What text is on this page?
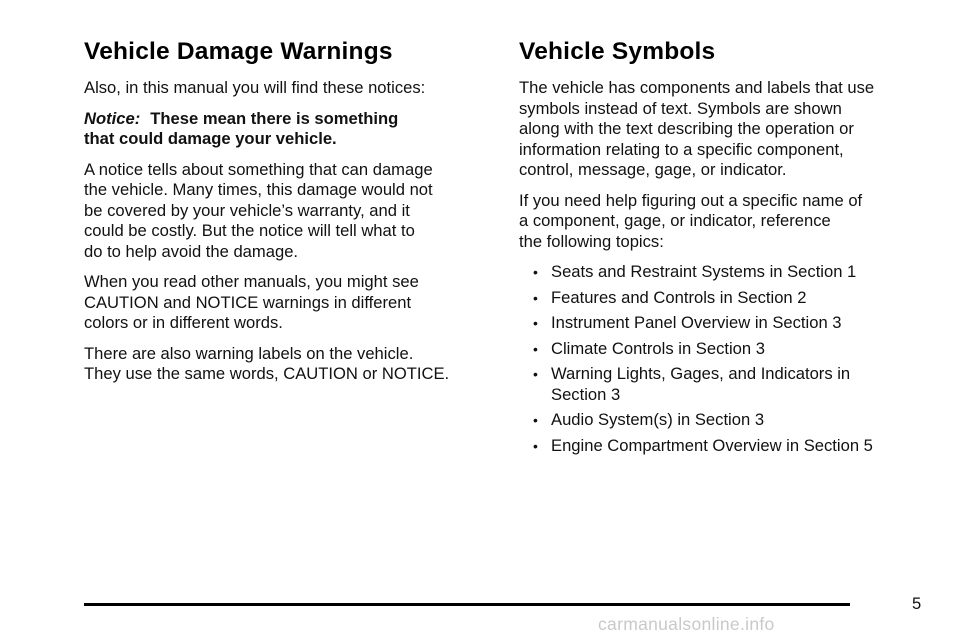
Vehicle Damage Warnings

Also, in this manual you will find these notices:

Notice: These mean there is something
that could damage your vehicle.

A notice tells about something that can damage
the vehicle. Many times, this damage would not
be covered by your vehicle’s warranty, and it
could be costly. But the notice will tell what to
do to help avoid the damage.

When you read other manuals, you might see
CAUTION and NOTICE warnings in different
colors or in different words.

There are also warning labels on the vehicle.
They use the same words, CAUTION or NOTICE.

Vehicle Symbols

The vehicle has components and labels that use
symbols instead of text. Symbols are shown
along with the text describing the operation or
information relating to a specific component,
control, message, gage, or indicator.

If you need help figuring out a specific name of
a component, gage, or indicator, reference
the following topics:

• Seats and Restraint Systems in Section 1
• Features and Controls in Section 2
• Instrument Panel Overview in Section 3
• Climate Controls in Section 3
• Warning Lights, Gages, and Indicators in
Section 3
• Audio System(s) in Section 3
• Engine Compartment Overview in Section 5
5
carmanualsonline.info
